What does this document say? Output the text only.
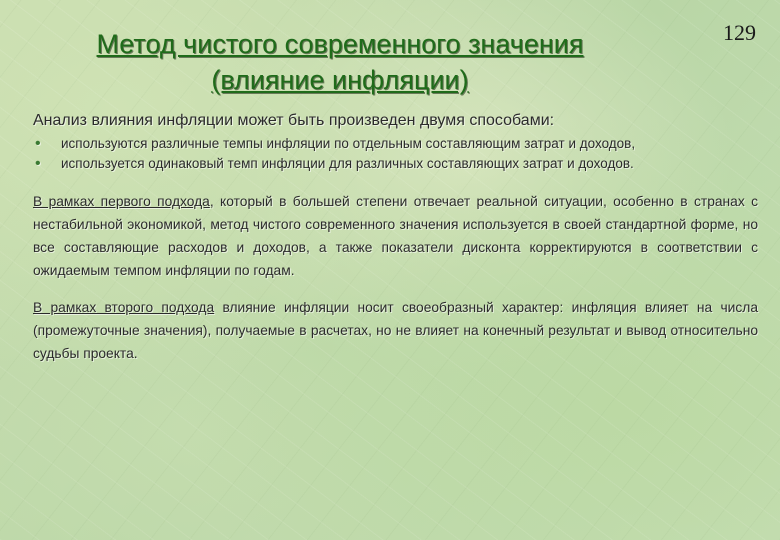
129
Метод чистого современного значения
(влияние инфляции)
Анализ влияния инфляции может быть произведен двумя способами:
• используются различные темпы инфляции по отдельным составляющим затрат и доходов,
• используется одинаковый темп инфляции для различных составляющих затрат и доходов.

В рамках первого подхода, который в большей степени отвечает реальной ситуации, особенно в странах с нестабильной экономикой, метод чистого современного значения используется в своей стандартной форме, но все составляющие расходов и доходов, а также показатели дисконта корректируются в соответствии с ожидаемым темпом инфляции по годам.

В рамках второго подхода влияние инфляции носит своеобразный характер: инфляция влияет на числа (промежуточные значения), получаемые в расчетах, но не влияет на конечный результат и вывод относительно судьбы проекта.
